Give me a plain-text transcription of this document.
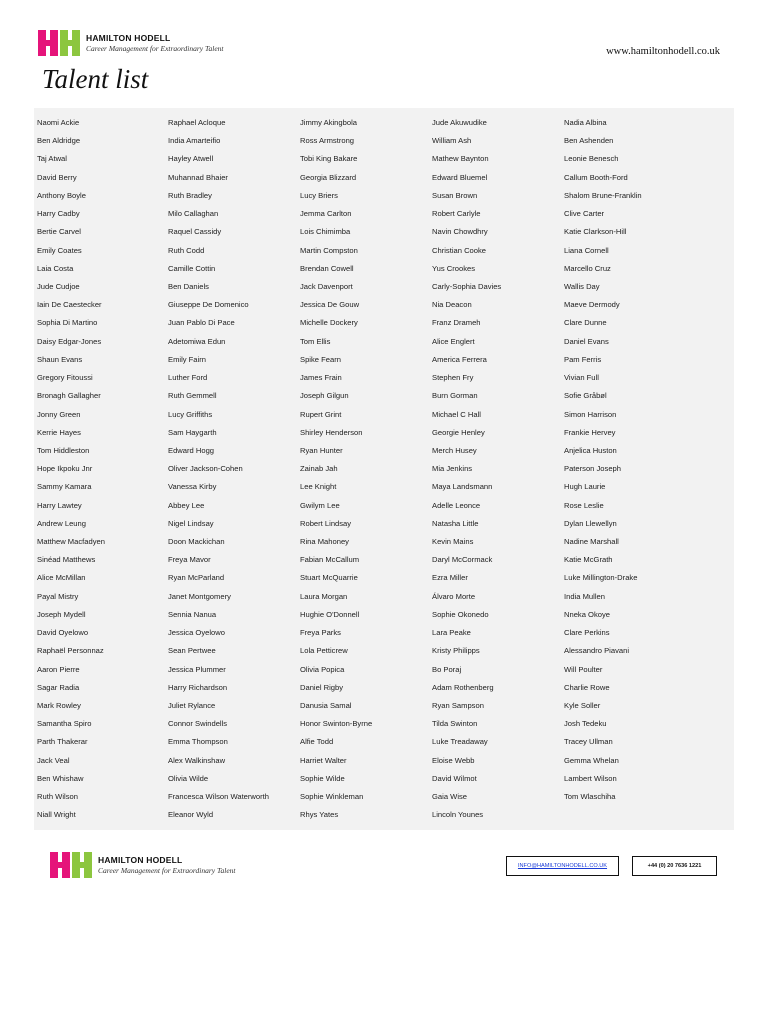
HAMILTON HODELL
Career Management for Extraordinary Talent	www.hamiltonhodell.co.uk
Talent list
Naomi Ackie	Raphael Acloque	Jimmy Akingbola	Jude Akuwudike	Nadia Albina
Ben Aldridge	India Amarteifio	Ross Armstrong	William Ash	Ben Ashenden
Taj Atwal	Hayley Atwell	Tobi King Bakare	Mathew Baynton	Leonie Benesch
David Berry	Muhannad Bhaier	Georgia Blizzard	Edward Bluemel	Callum Booth-Ford
Anthony Boyle	Ruth Bradley	Lucy Briers	Susan Brown	Shalom Brune-Franklin
Harry Cadby	Milo Callaghan	Jemma Carlton	Robert Carlyle	Clive Carter
Bertie Carvel	Raquel Cassidy	Lois Chimimba	Navin Chowdhry	Katie Clarkson-Hill
Emily Coates	Ruth Codd	Martin Compston	Christian Cooke	Liana Cornell
Laia Costa	Camille Cottin	Brendan Cowell	Yus Crookes	Marcello Cruz
Jude Cudjoe	Ben Daniels	Jack Davenport	Carly-Sophia Davies	Wallis Day
Iain De Caestecker	Giuseppe De Domenico	Jessica De Gouw	Nia Deacon	Maeve Dermody
Sophia Di Martino	Juan Pablo Di Pace	Michelle Dockery	Franz Drameh	Clare Dunne
Daisy Edgar-Jones	Adetomiwa Edun	Tom Ellis	Alice Englert	Daniel Evans
Shaun Evans	Emily Fairn	Spike Fearn	America Ferrera	Pam Ferris
Gregory Fitoussi	Luther Ford	James Frain	Stephen Fry	Vivian Full
Bronagh Gallagher	Ruth Gemmell	Joseph Gilgun	Burn Gorman	Sofie Gråbøl
Jonny Green	Lucy Griffiths	Rupert Grint	Michael C Hall	Simon Harrison
Kerrie Hayes	Sam Haygarth	Shirley Henderson	Georgie Henley	Frankie Hervey
Tom Hiddleston	Edward Hogg	Ryan Hunter	Merch Husey	Anjelica Huston
Hope Ikpoku Jnr	Oliver Jackson-Cohen	Zainab Jah	Mia Jenkins	Paterson Joseph
Sammy Kamara	Vanessa Kirby	Lee Knight	Maya Landsmann	Hugh Laurie
Harry Lawtey	Abbey Lee	Gwilym Lee	Adelle Leonce	Rose Leslie
Andrew Leung	Nigel Lindsay	Robert Lindsay	Natasha Little	Dylan Llewellyn
Matthew Macfadyen	Doon Mackichan	Rina Mahoney	Kevin Mains	Nadine Marshall
Sinéad Matthews	Freya Mavor	Fabian McCallum	Daryl McCormack	Katie McGrath
Alice McMillan	Ryan McParland	Stuart McQuarrie	Ezra Miller	Luke Millington-Drake
Payal Mistry	Janet Montgomery	Laura Morgan	Álvaro Morte	India Mullen
Joseph Mydell	Sennia Nanua	Hughie O'Donnell	Sophie Okonedo	Nneka Okoye
David Oyelowo	Jessica Oyelowo	Freya Parks	Lara Peake	Clare Perkins
Raphaël Personnaz	Sean Pertwee	Lola Petticrew	Kristy Philipps	Alessandro Piavani
Aaron Pierre	Jessica Plummer	Olivia Popica	Bo Poraj	Will Poulter
Sagar Radia	Harry Richardson	Daniel Rigby	Adam Rothenberg	Charlie Rowe
Mark Rowley	Juliet Rylance	Danusia Samal	Ryan Sampson	Kyle Soller
Samantha Spiro	Connor Swindells	Honor Swinton-Byrne	Tilda Swinton	Josh Tedeku
Parth Thakerar	Emma Thompson	Alfie Todd	Luke Treadaway	Tracey Ullman
Jack Veal	Alex Walkinshaw	Harriet Walter	Eloise Webb	Gemma Whelan
Ben Whishaw	Olivia Wilde	Sophie Wilde	David Wilmot	Lambert Wilson
Ruth Wilson	Francesca Wilson Waterworth	Sophie Winkleman	Gaia Wise	Tom Wlaschiha
Niall Wright	Eleanor Wyld	Rhys Yates	Lincoln Younes
HAMILTON HODELL
Career Management for Extraordinary Talent	INFO@HAMILTONHODELL.CO.UK	+44 (0) 20 7636 1221
